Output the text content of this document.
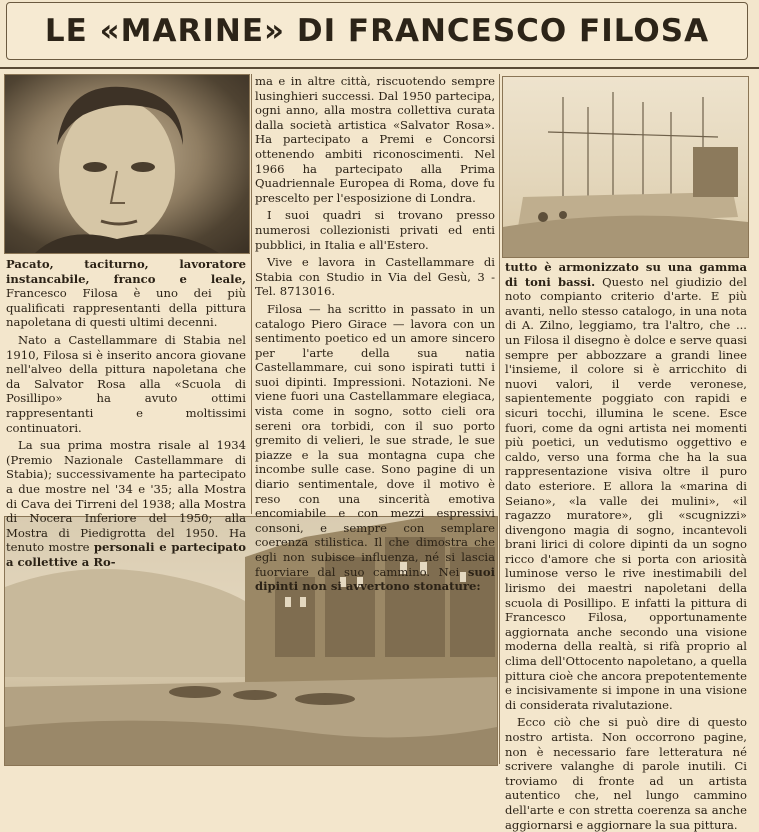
LE «MARINE» DI FRANCESCO FILOSA

Pacato, taciturno, lavoratore instancabile, franco e leale, Francesco Filosa è uno dei più qualificati rappresentanti della pittura napoletana di questi ultimi decenni.

Nato a Castellammare di Stabia nel 1910, Filosa si è inserito ancora giovane nell'alveo della pittura napoletana che da Salvator Rosa alla «Scuola di Posillipo» ha avuto ottimi rappresentanti e moltissimi continuatori.

La sua prima mostra risale al 1934 (Premio Nazionale Castellammare di Stabia); successivamente ha partecipato a due mostre nel '34 e '35; alla Mostra di Cava dei Tirreni del 1938; alla Mostra di Nocera Inferiore del 1950; alla Mostra di Piedigrotta del 1950. Ha tenuto mostre personali e partecipato a collettive a Ro-

ma e in altre città, riscuotendo sempre lusinghieri successi. Dal 1950 partecipa, ogni anno, alla mostra collettiva curata dalla società artistica «Salvator Rosa». Ha partecipato a Premi e Concorsi ottenendo ambiti riconoscimenti. Nel 1966 ha partecipato alla Prima Quadriennale Europea di Roma, dove fu prescelto per l'esposizione di Londra.

I suoi quadri si trovano presso numerosi collezionisti privati ed enti pubblici, in Italia e all'Estero.

Vive e lavora in Castellammare di Stabia con Studio in Via del Gesù, 3 - Tel. 8713016.

Filosa — ha scritto in passato in un catalogo Piero Girace — lavora con un sentimento poetico ed un amore sincero per l'arte della sua natia Castellammare, cui sono ispirati tutti i suoi dipinti. Impressioni. Notazioni. Ne viene fuori una Castellammare elegiaca, vista come in sogno, sotto cieli ora sereni ora torbidi, con il suo porto gremito di velieri, le sue strade, le sue piazze e la sua montagna cupa che incombe sulle case. Sono pagine di un diario sentimentale, dove il motivo è reso con una sincerità emotiva encomiabile e con mezzi espressivi consoni, e sempre con semplare coerenza stilistica. Il che dimostra che egli non subisce influenza, né si lascia fuorviare dal suo cammino. Nei suoi dipinti non si avvertono stonature:

tutto è armonizzato su una gamma di toni bassi. Questo nel giudizio del noto compianto criterio d'arte. E più avanti, nello stesso catalogo, in una nota di A. Zilno, leggiamo, tra l'altro, che ... un Filosa il disegno è dolce e serve quasi sempre per abbozzare a grandi linee l'insieme, il colore si è arricchito di nuovi valori, il verde veronese, sapientemente poggiato con rapidi e sicuri tocchi, illumina le scene. Esce fuori, come da ogni artista nei momenti più poetici, un vedutismo oggettivo e caldo, verso una forma che ha la sua rappresentazione visiva oltre il puro dato esteriore. E allora la «marina di Seiano», «la valle dei mulini», «il ragazzo muratore», gli «scugnizzi» divengono magia di sogno, incantevoli brani lirici di colore dipinti da un sogno ricco d'amore che si porta con ariosità luminose verso le rive inestimabili del lirismo dei maestri napoletani della scuola di Posillipo. E infatti la pittura di Francesco Filosa, opportunamente aggiornata anche secondo una visione moderna della realtà, si rifà proprio al clima dell'Ottocento napoletano, a quella pittura cioè che ancora prepotentemente e incisivamente si impone in una visione di considerata rivalutazione.

Ecco ciò che si può dire di questo nostro artista. Non occorrono pagine, non è necessario fare letteratura né scrivere valanghe di parole inutili. Ci troviamo di fronte ad un artista autentico che, nel lungo cammino dell'arte e con stretta coerenza sa anche aggiornarsi e aggiornare la sua pittura.
